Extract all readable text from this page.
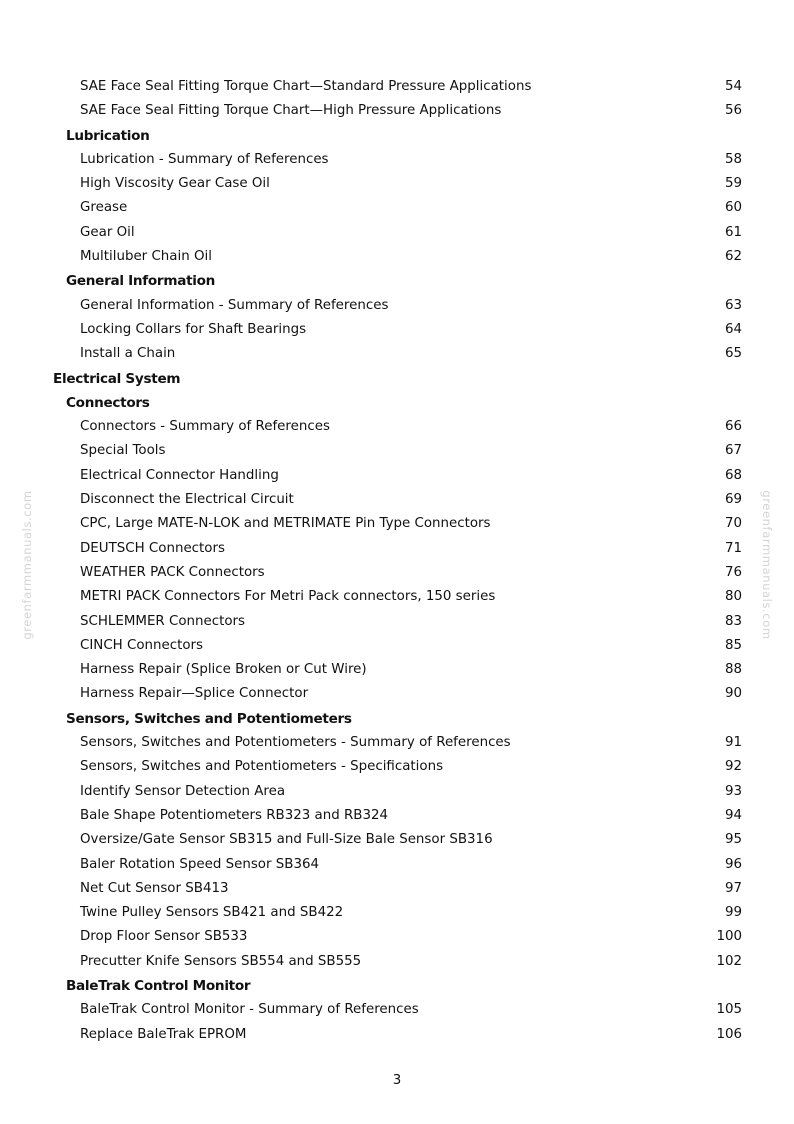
greenfarmmanuals.com	greenfarmmanuals.com
SAE Face Seal Fitting Torque Chart—Standard Pressure Applications	54
SAE Face Seal Fitting Torque Chart—High Pressure Applications	56
Lubrication
Lubrication - Summary of References	58
High Viscosity Gear Case Oil	59
Grease	60
Gear Oil	61
Multiluber Chain Oil	62
General Information
General Information - Summary of References	63
Locking Collars for Shaft Bearings	64
Install a Chain	65
Electrical System
Connectors
Connectors - Summary of References	66
Special Tools	67
Electrical Connector Handling	68
Disconnect the Electrical Circuit	69
CPC, Large MATE-N-LOK and METRIMATE Pin Type Connectors	70
DEUTSCH Connectors	71
WEATHER PACK Connectors	76
METRI PACK Connectors For Metri Pack connectors, 150 series	80
SCHLEMMER Connectors	83
CINCH Connectors	85
Harness Repair (Splice Broken or Cut Wire)	88
Harness Repair—Splice Connector	90
Sensors, Switches and Potentiometers
Sensors, Switches and Potentiometers - Summary of References	91
Sensors, Switches and Potentiometers - Specifications	92
Identify Sensor Detection Area	93
Bale Shape Potentiometers RB323 and RB324	94
Oversize/Gate Sensor SB315 and Full-Size Bale Sensor SB316	95
Baler Rotation Speed Sensor SB364	96
Net Cut Sensor SB413	97
Twine Pulley Sensors SB421 and SB422	99
Drop Floor Sensor SB533	100
Precutter Knife Sensors SB554 and SB555	102
BaleTrak Control Monitor
BaleTrak Control Monitor - Summary of References	105
Replace BaleTrak EPROM	106
3
